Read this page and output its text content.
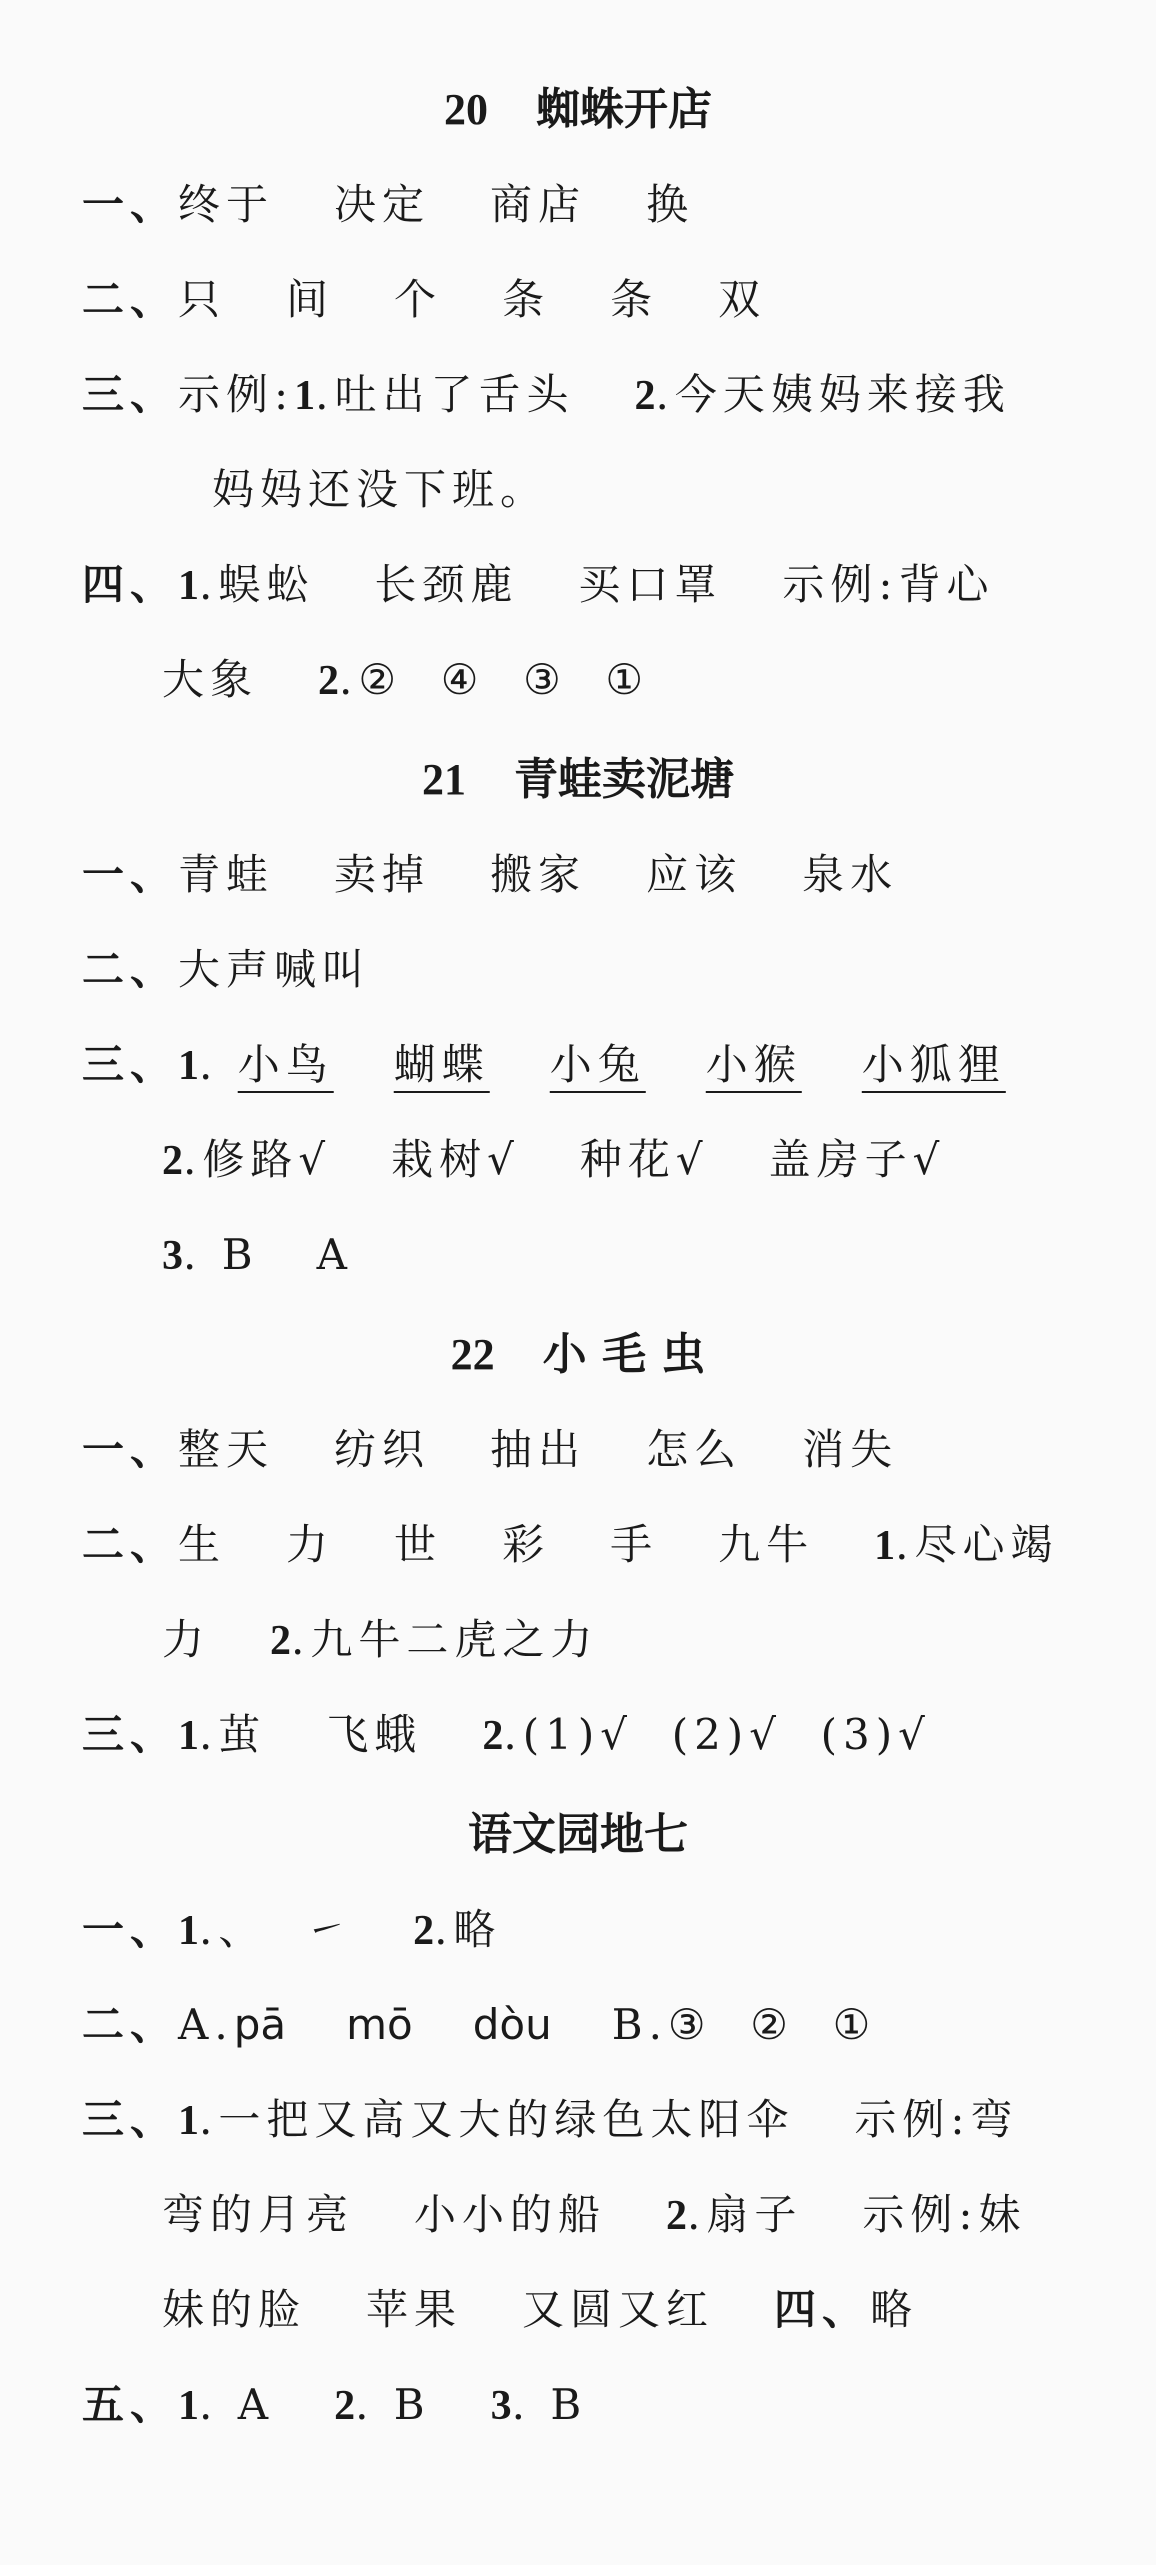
20 蜘蛛开店
一、终于 决定 商店 换
二、只 间 个 条 条 双
三、示例:1.吐出了舌头 2.今天姨妈来接我
妈妈还没下班。
四、1.蜈蚣 长颈鹿 买口罩 示例:背心
大象 2.②  ④  ③  ①
21 青蛙卖泥塘
一、青蛙 卖掉 搬家 应该 泉水
二、大声喊叫
三、1. 小鸟 蝴蝶 小兔 小猴 小狐狸
2.修路√ 栽树√ 种花√ 盖房子√
3. B   A
22 小 毛 虫
一、整天 纺织 抽出 怎么 消失
二、生 力 世 彩 手 九牛 1.尽心竭
力 2.九牛二虎之力
三、1.茧 飞蛾 2.(1)√  (2)√  (3)√
语文园地七
一、1.、  ㇀ 2.略
二、A.pā mō dòu B.③  ②  ①
三、1.一把又高又大的绿色太阳伞 示例:弯
弯的月亮 小小的船 2.扇子 示例:妹
妹的脸 苹果 又圆又红 四、略
五、1. A 2. B 3. B
